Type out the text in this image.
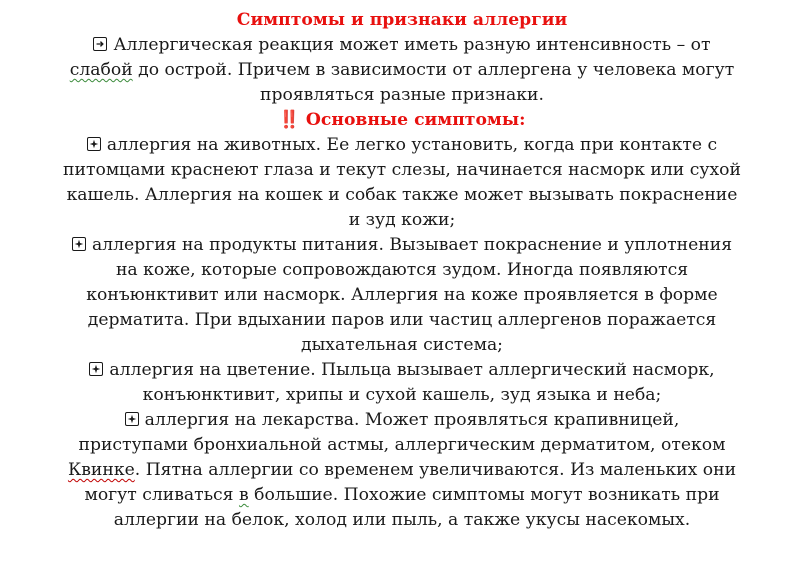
Симптомы и признаки аллергии
Аллергическая реакция может иметь разную интенсивность – от
слабой до острой. Причем в зависимости от аллергена у человека могут
проявляться разные признаки.
‼️ Основные симптомы:
аллергия на животных. Ее легко установить, когда при контакте с
питомцами краснеют глаза и текут слезы, начинается насморк или сухой
кашель. Аллергия на кошек и собак также может вызывать покраснение
и зуд кожи;
аллергия на продукты питания. Вызывает покраснение и уплотнения
на коже, которые сопровождаются зудом. Иногда появляются
конъюнктивит или насморк. Аллергия на коже проявляется в форме
дерматита. При вдыхании паров или частиц аллергенов поражается
дыхательная система;
аллергия на цветение. Пыльца вызывает аллергический насморк,
конъюнктивит, хрипы и сухой кашель, зуд языка и неба;
аллергия на лекарства. Может проявляться крапивницей,
приступами бронхиальной астмы, аллергическим дерматитом, отеком
Квинке. Пятна аллергии со временем увеличиваются. Из маленьких они
могут сливаться в большие. Похожие симптомы могут возникать при
аллергии на белок, холод или пыль, а также укусы насекомых.
